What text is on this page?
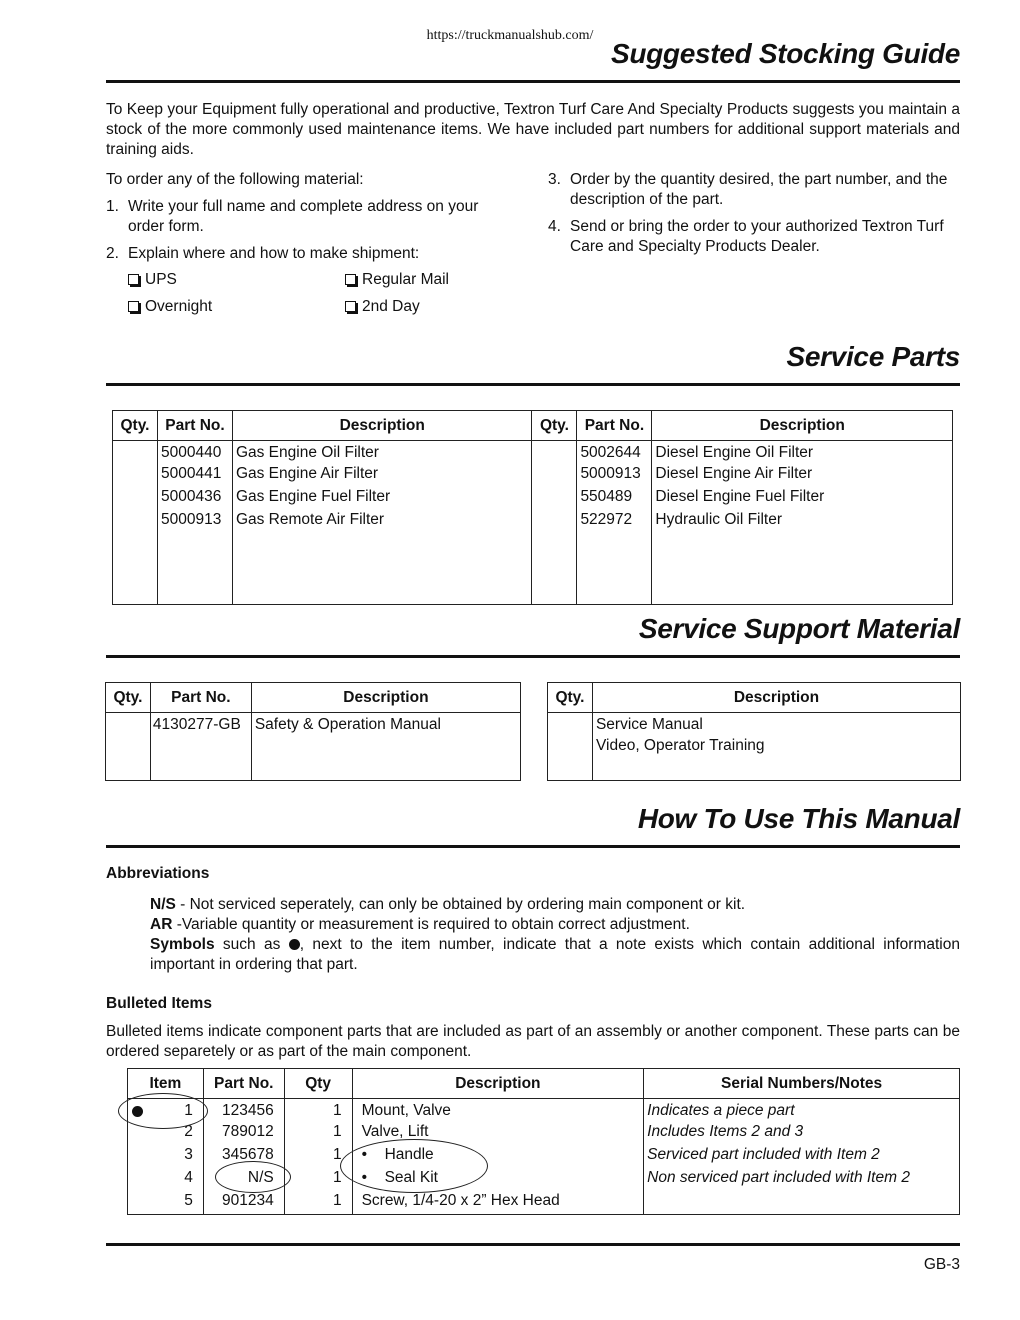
https://truckmanualshub.com/
Suggested Stocking Guide
To Keep your Equipment fully operational and productive, Textron Turf Care And Specialty Products suggests you maintain a stock of the more commonly used maintenance items. We have included part numbers for additional support materials and training aids.
To order any of the following material:
1. Write your full name and complete address on your order form.
2. Explain where and how to make shipment:
UPS	Regular Mail
Overnight	2nd Day
3. Order by the quantity desired, the part number, and the description of the part.
4. Send or bring the order to your authorized Textron Turf Care and Specialty Products Dealer.
Service Parts
Qty.	Part No.	Description	Qty.	Part No.	Description
	5000440	Gas Engine Oil Filter		5002644	Diesel Engine Oil Filter
	5000441	Gas Engine Air Filter		5000913	Diesel Engine Air Filter
	5000436	Gas Engine Fuel Filter		550489	Diesel Engine Fuel Filter
	5000913	Gas Remote Air Filter		522972	Hydraulic Oil Filter

Service Support Material
Qty.	Part No.	Description
	4130277-GB	Safety & Operation Manual

Qty.	Description
	Service Manual
	Video, Operator Training

How To Use This Manual
Abbreviations
N/S - Not serviced seperately, can only be obtained by ordering main component or kit.
AR -Variable quantity or measurement is required to obtain correct adjustment.
Symbols such as , next to the item number, indicate that a note exists which contain additional information important in ordering that part.
Bulleted Items
Bulleted items indicate component parts that are included as part of an assembly or another component. These parts can be ordered separetely or as part of the main component.
Item	Part No.	Qty	Description	Serial Numbers/Notes

1	123456	1	Mount, Valve	Indicates a piece part
2	789012	1	Valve, Lift	Includes Items 2 and 3
3	345678	1	• Handle	Serviced part included with Item 2
4	N/S	1	• Seal Kit	Non serviced part included with Item 2
5	901234	1	Screw, 1/4-20 x 2” Hex Head	
GB-3
